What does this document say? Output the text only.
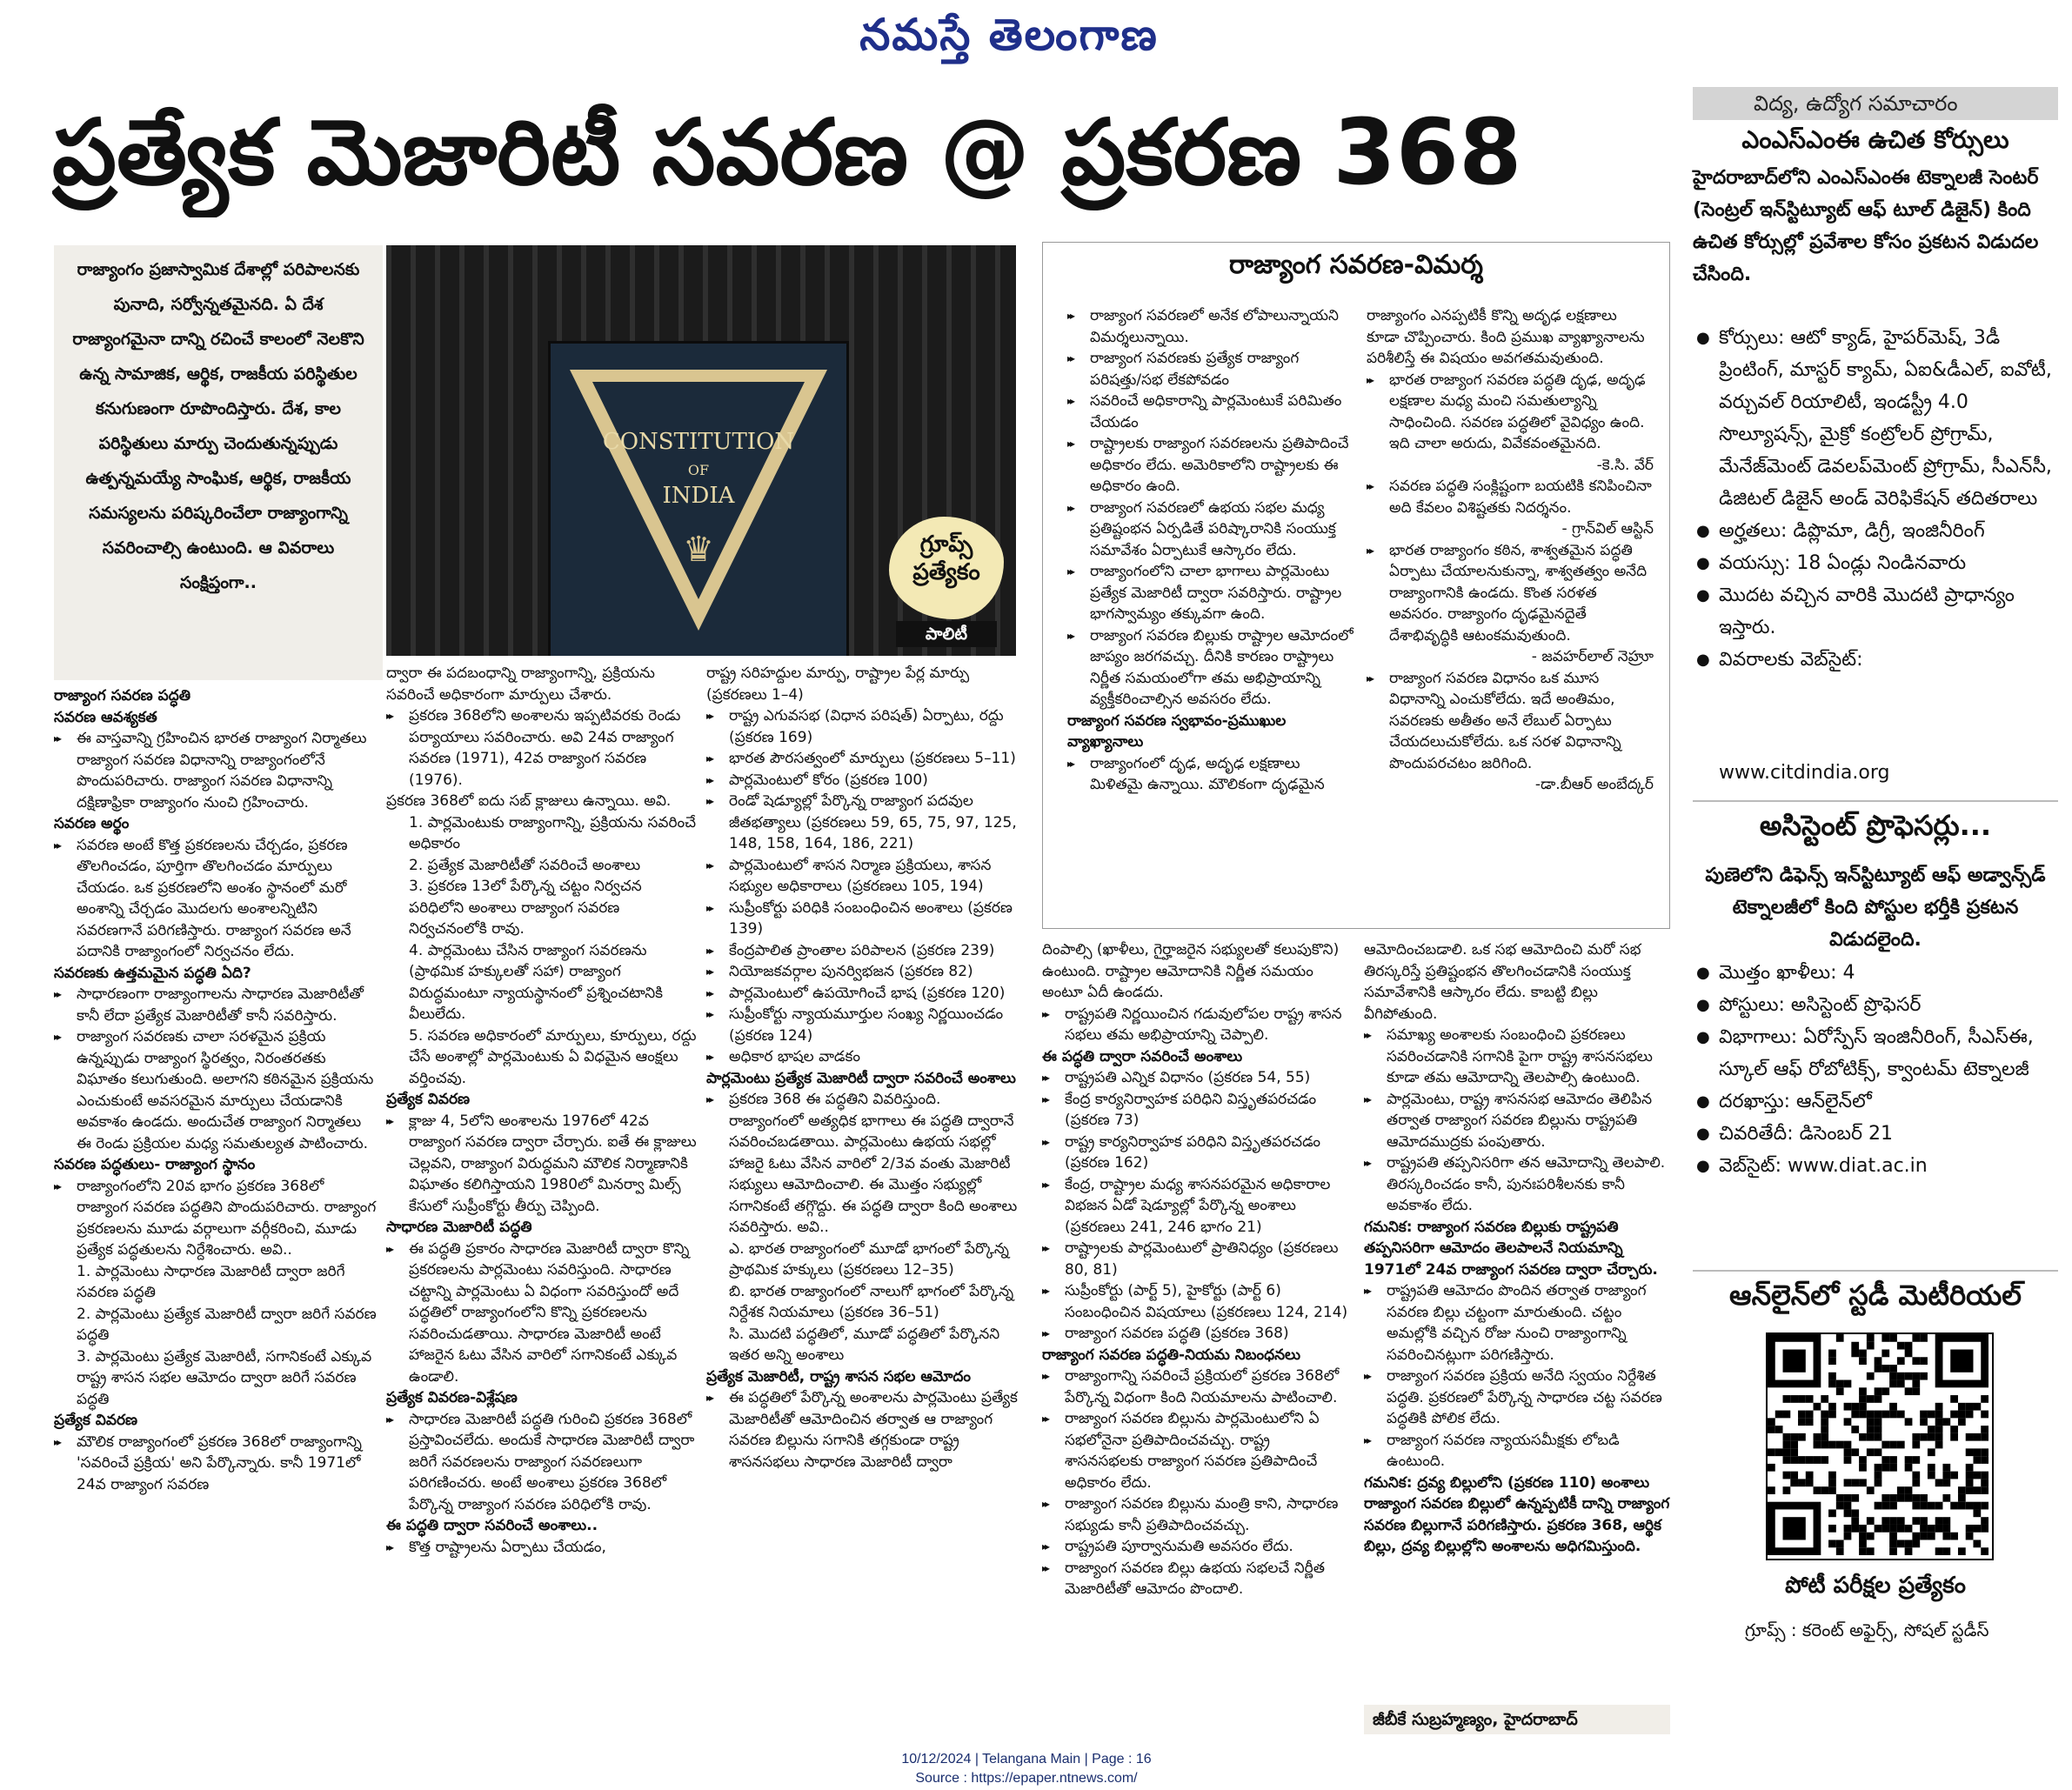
నమస్తే తెలంగాణ
ప్రత్యేక మెజారిటీ సవరణ @ ప్రకరణ 368
రాజ్యాంగం ప్రజాస్వామిక దేశాల్లో పరిపాలనకు పునాది, సర్వోన్నతమైనది. ఏ దేశ రాజ్యాంగమైనా దాన్ని రచించే కాలంలో నెలకొని ఉన్న సామాజిక, ఆర్థిక, రాజకీయ పరిస్థితుల కనుగుణంగా రూపొందిస్తారు. దేశ, కాల పరిస్థితులు మార్పు చెందుతున్నప్పుడు ఉత్పన్నమయ్యే సాంఘిక, ఆర్థిక, రాజకీయ సమస్యలను పరిష్కరించేలా రాజ్యాంగాన్ని సవరించాల్సి ఉంటుంది. ఆ వివరాలు సంక్షిప్తంగా..
CONSTITUTION
OF
INDIA
♛	గ్రూప్స్ ప్రత్యేకం
పాలిటీ
రాజ్యాంగ సవరణ పద్ధతి
సవరణ ఆవశ్యకత
▸▸ ఈ వాస్తవాన్ని గ్రహించిన భారత రాజ్యాంగ నిర్మాతలు రాజ్యాంగ సవరణ విధానాన్ని రాజ్యాంగంలోనే పొందుపరిచారు. రాజ్యాంగ సవరణ విధానాన్ని దక్షిణాఫ్రికా రాజ్యాంగం నుంచి గ్రహించారు.
సవరణ అర్థం
▸▸ సవరణ అంటే కొత్త ప్రకరణలను చేర్చడం, ప్రకరణ తొలగించడం, పూర్తిగా తొలగించడం మార్పులు చేయడం. ఒక ప్రకరణలోని అంశం స్థానంలో మరో అంశాన్ని చేర్చడం మొదలగు అంశాలన్నిటిని సవరణగానే పరిగణిస్తారు. రాజ్యాంగ సవరణ అనే పదానికి రాజ్యాంగంలో నిర్వచనం లేదు.
సవరణకు ఉత్తమమైన పద్ధతి ఏది?
▸▸ సాధారణంగా రాజ్యాంగాలను సాధారణ మెజారిటీతో కానీ లేదా ప్రత్యేక మెజారిటీతో కానీ సవరిస్తారు.
▸▸ రాజ్యాంగ సవరణకు చాలా సరళమైన ప్రక్రియ ఉన్నప్పుడు రాజ్యాంగ స్థిరత్వం, నిరంతరతకు విఘాతం కలుగుతుంది. అలాగని కఠినమైన ప్రక్రియను ఎంచుకుంటే అవసరమైన మార్పులు చేయడానికి అవకాశం ఉండదు. అందుచేత రాజ్యాంగ నిర్మాతలు ఈ రెండు ప్రక్రియల మధ్య సమతుల్యత పాటించారు.
సవరణ పద్ధతులు- రాజ్యాంగ స్థానం
▸▸ రాజ్యాంగంలోని 20వ భాగం ప్రకరణ 368లో రాజ్యాంగ సవరణ పద్ధతిని పొందుపరిచారు. రాజ్యాంగ ప్రకరణలను మూడు వర్గాలుగా వర్గీకరించి, మూడు ప్రత్యేక పద్ధతులను నిర్దేశించారు. అవి..
1. పార్లమెంటు సాధారణ మెజారిటీ ద్వారా జరిగే సవరణ పద్ధతి
2. పార్లమెంటు ప్రత్యేక మెజారిటీ ద్వారా జరిగే సవరణ పద్ధతి
3. పార్లమెంటు ప్రత్యేక మెజారిటీ, సగానికంటే ఎక్కువ రాష్ట్ర శాసన సభల ఆమోదం ద్వారా జరిగే సవరణ పద్ధతి
ప్రత్యేక వివరణ
▸▸ మౌలిక రాజ్యాంగంలో ప్రకరణ 368లో రాజ్యాంగాన్ని 'సవరించే ప్రక్రియ' అని పేర్కొన్నారు. కానీ 1971లో 24వ రాజ్యాంగ సవరణ
ద్వారా ఈ పదబంధాన్ని రాజ్యాంగాన్ని, ప్రక్రియను సవరించే అధికారంగా మార్పులు చేశారు.
▸▸ ప్రకరణ 368లోని అంశాలను ఇప్పటివరకు రెండు పర్యాయాలు సవరించారు. అవి 24వ రాజ్యాంగ సవరణ (1971), 42వ రాజ్యాంగ సవరణ (1976).
ప్రకరణ 368లో ఐదు సబ్ క్లాజులు ఉన్నాయి. అవి.
1. పార్లమెంటుకు రాజ్యాంగాన్ని, ప్రక్రియను సవరించే అధికారం
2. ప్రత్యేక మెజారిటీతో సవరించే అంశాలు
3. ప్రకరణ 13లో పేర్కొన్న చట్టం నిర్వచన పరిధిలోని అంశాలు రాజ్యాంగ సవరణ నిర్వచనంలోకి రావు.
4. పార్లమెంటు చేసిన రాజ్యాంగ సవరణను (ప్రాథమిక హక్కులతో సహా) రాజ్యాంగ విరుద్ధమంటూ న్యాయస్థానంలో ప్రశ్నించటానికి వీలులేదు.
5. సవరణ అధికారంలో మార్పులు, కూర్పులు, రద్దు చేసే అంశాల్లో పార్లమెంటుకు ఏ విధమైన ఆంక్షలు వర్తించవు.
ప్రత్యేక వివరణ
▸▸ క్లాజు 4, 5లోని అంశాలను 1976లో 42వ రాజ్యాంగ సవరణ ద్వారా చేర్చారు. ఐతే ఈ క్లాజులు చెల్లవని, రాజ్యాంగ విరుద్ధమని మౌలిక నిర్మాణానికి విఘాతం కలిగిస్తాయని 1980లో మినర్వా మిల్స్ కేసులో సుప్రీంకోర్టు తీర్పు చెప్పింది.
సాధారణ మెజారిటీ పద్ధతి
▸▸ ఈ పద్ధతి ప్రకారం సాధారణ మెజారిటీ ద్వారా కొన్ని ప్రకరణలను పార్లమెంటు సవరిస్తుంది. సాధారణ చట్టాన్ని పార్లమెంటు ఏ విధంగా సవరిస్తుందో అదే పద్ధతిలో రాజ్యాంగంలోని కొన్ని ప్రకరణలను సవరించుడతాయి. సాధారణ మెజారిటీ అంటే హాజరైన ఓటు వేసిన వారిలో సగానికంటే ఎక్కువ ఉండాలి.
ప్రత్యేక వివరణ-విశ్లేషణ
▸▸ సాధారణ మెజారిటీ పద్ధతి గురించి ప్రకరణ 368లో ప్రస్తావించలేదు. అందుకే సాధారణ మెజారిటీ ద్వారా జరిగే సవరణలను రాజ్యాంగ సవరణలుగా పరిగణించరు. అంటే అంశాలు ప్రకరణ 368లో పేర్కొన్న రాజ్యాంగ సవరణ పరిధిలోకి రావు.
ఈ పద్ధతి ద్వారా సవరించే అంశాలు..
▸▸ కొత్త రాష్ట్రాలను ఏర్పాటు చేయడం,
రాష్ట్ర సరిహద్దుల మార్పు, రాష్ట్రాల పేర్ల మార్పు (ప్రకరణలు 1–4)
▸▸ రాష్ట్ర ఎగువసభ (విధాన పరిషత్) ఏర్పాటు, రద్దు (ప్రకరణ 169)
▸▸ భారత పౌరసత్వంలో మార్పులు (ప్రకరణలు 5–11)
▸▸ పార్లమెంటులో కోరం (ప్రకరణ 100)
▸▸ రెండో షెడ్యూల్లో పేర్కొన్న రాజ్యాంగ పదవుల జీతభత్యాలు (ప్రకరణలు 59, 65, 75, 97, 125, 148, 158, 164, 186, 221)
▸▸ పార్లమెంటులో శాసన నిర్మాణ ప్రక్రియలు, శాసన సభ్యుల అధికారాలు (ప్రకరణలు 105, 194)
▸▸ సుప్రీంకోర్టు పరిధికి సంబంధించిన అంశాలు (ప్రకరణ 139)
▸▸ కేంద్రపాలిత ప్రాంతాల పరిపాలన (ప్రకరణ 239)
▸▸ నియోజకవర్గాల పునర్విభజన (ప్రకరణ 82)
▸▸ పార్లమెంటులో ఉపయోగించే భాష (ప్రకరణ 120)
▸▸ సుప్రీంకోర్టు న్యాయమూర్తుల సంఖ్య నిర్ణయించడం (ప్రకరణ 124)
▸▸ అధికార భాషల వాడకం
పార్లమెంటు ప్రత్యేక మెజారిటీ ద్వారా సవరించే అంశాలు
▸▸ ప్రకరణ 368 ఈ పద్ధతిని వివరిస్తుంది. రాజ్యాంగంలో అత్యధిక భాగాలు ఈ పద్ధతి ద్వారానే సవరించబడతాయి. పార్లమెంటు ఉభయ సభల్లో హాజరై ఓటు వేసిన వారిలో 2/3వ వంతు మెజారిటీ సభ్యులు ఆమోదించాలి. ఈ మొత్తం సభ్యుల్లో సగానికంటే తగ్గొద్దు. ఈ పద్ధతి ద్వారా కింది అంశాలు సవరిస్తారు. అవి..
ఎ. భారత రాజ్యాంగంలో మూడో భాగంలో పేర్కొన్న ప్రాథమిక హక్కులు (ప్రకరణలు 12–35)
బి. భారత రాజ్యాంగంలో నాలుగో భాగంలో పేర్కొన్న నిర్దేశక నియమాలు (ప్రకరణ 36–51)
సి. మొదటి పద్ధతిలో, మూడో పద్ధతిలో పేర్కొనని ఇతర అన్ని అంశాలు
ప్రత్యేక మెజారిటీ, రాష్ట్ర శాసన సభల ఆమోదం
▸▸ ఈ పద్ధతిలో పేర్కొన్న అంశాలను పార్లమెంటు ప్రత్యేక మెజారిటీతో ఆమోదించిన తర్వాత ఆ రాజ్యాంగ సవరణ బిల్లును సగానికి తగ్గకుండా రాష్ట్ర శాసనసభలు సాధారణ మెజారిటీ ద్వారా
రాజ్యాంగ సవరణ-విమర్శ
▸▸ రాజ్యాంగ సవరణలో అనేక లోపాలున్నాయని విమర్శలున్నాయి.
▸▸ రాజ్యాంగ సవరణకు ప్రత్యేక రాజ్యాంగ పరిషత్తు/సభ లేకపోవడం
▸▸ సవరించే అధికారాన్ని పార్లమెంటుకే పరిమితం చేయడం
▸▸ రాష్ట్రాలకు రాజ్యాంగ సవరణలను ప్రతిపాదించే అధికారం లేదు. అమెరికాలోని రాష్ట్రాలకు ఈ అధికారం ఉంది.
▸▸ రాజ్యాంగ సవరణలో ఉభయ సభల మధ్య ప్రతిష్టంభన ఏర్పడితే పరిష్కారానికి సంయుక్త సమావేశం ఏర్పాటుకే ఆస్కారం లేదు.
▸▸ రాజ్యాంగంలోని చాలా భాగాలు పార్లమెంటు ప్రత్యేక మెజారిటీ ద్వారా సవరిస్తారు. రాష్ట్రాల భాగస్వామ్యం తక్కువగా ఉంది.
▸▸ రాజ్యాంగ సవరణ బిల్లుకు రాష్ట్రాల ఆమోదంలో జాప్యం జరగవచ్చు. దీనికి కారణం రాష్ట్రాలు నిర్ణీత సమయంలోగా తమ అభిప్రాయాన్ని వ్యక్తీకరించాల్సిన అవసరం లేదు.
రాజ్యాంగ సవరణ స్వభావం-ప్రముఖుల వ్యాఖ్యానాలు
▸▸ రాజ్యాంగంలో దృఢ, అదృఢ లక్షణాలు మిళితమై ఉన్నాయి. మౌలికంగా దృఢమైన
రాజ్యాంగం ఎనప్పటికీ కొన్ని అదృఢ లక్షణాలు కూడా చొప్పించారు. కింది ప్రముఖ వ్యాఖ్యానాలను పరిశీలిస్తే ఈ విషయం అవగతమవుతుంది.
▸▸ భారత రాజ్యాంగ సవరణ పద్ధతి దృఢ, అదృఢ లక్షణాల మధ్య మంచి సమతుల్యాన్ని సాధించింది. సవరణ పద్ధతిలో వైవిధ్యం ఉంది. ఇది చాలా అరుదు, వివేకవంతమైనది.
-కె.సి. వేర్
▸▸ సవరణ పద్ధతి సంక్లిష్టంగా బయటికి కనిపించినా అది కేవలం విశిష్టతకు నిదర్శనం.
- గ్రాన్‌విల్ ఆస్టిన్
▸▸ భారత రాజ్యాంగం కఠిన, శాశ్వతమైన పద్ధతి ఏర్పాటు చేయాలనుకున్నా, శాశ్వతత్వం అనేది రాజ్యాంగానికి ఉండదు. కొంత సరళత అవసరం. రాజ్యాంగం దృఢమైనదైతే దేశాభివృద్ధికి ఆటంకమవుతుంది.
- జవహర్‌లాల్ నెహ్రూ
▸▸ రాజ్యాంగ సవరణ విధానం ఒక మూస విధానాన్ని ఎంచుకోలేదు. ఇదే అంతిమం, సవరణకు అతీతం అనే లేబుల్ ఏర్పాటు చేయదలుచుకోలేదు. ఒక సరళ విధానాన్ని పొందుపరచటం జరిగింది.
-డా.బీఆర్ అంబేద్కర్
దింపాల్సి (ఖాళీలు, గైర్హాజరైన సభ్యులతో కలుపుకొని) ఉంటుంది. రాష్ట్రాల ఆమోదానికి నిర్ణీత సమయం అంటూ ఏదీ ఉండదు.
▸▸ రాష్ట్రపతి నిర్ణయించిన గడువులోపల రాష్ట్ర శాసన సభలు తమ అభిప్రాయాన్ని చెప్పాలి.
ఈ పద్ధతి ద్వారా సవరించే అంశాలు
▸▸ రాష్ట్రపతి ఎన్నిక విధానం (ప్రకరణ 54, 55)
▸▸ కేంద్ర కార్యనిర్వాహక పరిధిని విస్తృతపరచడం (ప్రకరణ 73)
▸▸ రాష్ట్ర కార్యనిర్వాహక పరిధిని విస్తృతపరచడం (ప్రకరణ 162)
▸▸ కేంద్ర, రాష్ట్రాల మధ్య శాసనపరమైన అధికారాల విభజన ఏడో షెడ్యూల్లో పేర్కొన్న అంశాలు (ప్రకరణలు 241, 246 భాగం 21)
▸▸ రాష్ట్రాలకు పార్లమెంటులో ప్రాతినిధ్యం (ప్రకరణలు 80, 81)
▸▸ సుప్రీంకోర్టు (పార్ట్ 5), హైకోర్టు (పార్ట్ 6) సంబంధించిన విషయాలు (ప్రకరణలు 124, 214)
▸▸ రాజ్యాంగ సవరణ పద్ధతి (ప్రకరణ 368)
రాజ్యాంగ సవరణ పద్ధతి-నియమ నిబంధనలు
▸▸ రాజ్యాంగాన్ని సవరించే ప్రక్రియలో ప్రకరణ 368లో పేర్కొన్న విధంగా కింది నియమాలను పాటించాలి.
▸▸ రాజ్యాంగ సవరణ బిల్లును పార్లమెంటులోని ఏ సభలోనైనా ప్రతిపాదించవచ్చు. రాష్ట్ర శాసనసభలకు రాజ్యాంగ సవరణ ప్రతిపాదించే అధికారం లేదు.
▸▸ రాజ్యాంగ సవరణ బిల్లును మంత్రి కాని, సాధారణ సభ్యుడు కానీ ప్రతిపాదించవచ్చు.
▸▸ రాష్ట్రపతి పూర్వానుమతి అవసరం లేదు.
▸▸ రాజ్యాంగ సవరణ బిల్లు ఉభయ సభలచే నిర్ణీత మెజారిటీతో ఆమోదం పొందాలి.
ఆమోదించబడాలి. ఒక సభ ఆమోదించి మరో సభ తిరస్కరిస్తే ప్రతిష్టంభన తొలగించడానికి సంయుక్త సమావేశానికి ఆస్కారం లేదు. కాబట్టి బిల్లు వీగిపోతుంది.
▸▸ సమాఖ్య అంశాలకు సంబంధించి ప్రకరణలు సవరించడానికి సగానికి పైగా రాష్ట్ర శాసనసభలు కూడా తమ ఆమోదాన్ని తెలపాల్సి ఉంటుంది.
▸▸ పార్లమెంటు, రాష్ట్ర శాసనసభ ఆమోదం తెలిపిన తర్వాత రాజ్యాంగ సవరణ బిల్లును రాష్ట్రపతి ఆమోదముద్రకు పంపుతారు.
▸▸ రాష్ట్రపతి తప్పనిసరిగా తన ఆమోదాన్ని తెలపాలి. తిరస్కరించడం కానీ, పునఃపరిశీలనకు కానీ అవకాశం లేదు.
గమనిక: రాజ్యాంగ సవరణ బిల్లుకు రాష్ట్రపతి తప్పనిసరిగా ఆమోదం తెలపాలనే నియమాన్ని 1971లో 24వ రాజ్యాంగ సవరణ ద్వారా చేర్చారు.
▸▸ రాష్ట్రపతి ఆమోదం పొందిన తర్వాత రాజ్యాంగ సవరణ బిల్లు చట్టంగా మారుతుంది. చట్టం అమల్లోకి వచ్చిన రోజు నుంచి రాజ్యాంగాన్ని సవరించినట్లుగా పరిగణిస్తారు.
▸▸ రాజ్యాంగ సవరణ ప్రక్రియ అనేది స్వయం నిర్దేశిత పద్ధతి. ప్రకరణలో పేర్కొన్న సాధారణ చట్ట సవరణ పద్ధతికి పోలిక లేదు.
▸▸ రాజ్యాంగ సవరణ న్యాయసమీక్షకు లోబడి ఉంటుంది.
గమనిక: ద్రవ్య బిల్లులోని (ప్రకరణ 110) అంశాలు రాజ్యాంగ సవరణ బిల్లులో ఉన్నప్పటికీ దాన్ని రాజ్యాంగ సవరణ బిల్లుగానే పరిగణిస్తారు. ప్రకరణ 368, ఆర్థిక బిల్లు, ద్రవ్య బిల్లుల్లోని అంశాలను అధిగమిస్తుంది.
జీబీకే సుబ్రహ్మణ్యం, హైదరాబాద్
విద్య, ఉద్యోగ సమాచారం
ఎంఎస్ఎంఈ ఉచిత కోర్సులు
హైదరాబాద్‌లోని ఎంఎస్ఎంఈ టెక్నాలజీ సెంటర్ (సెంట్రల్ ఇన్‌స్టిట్యూట్ ఆఫ్ టూల్ డిజైన్) కింది ఉచిత కోర్సుల్లో ప్రవేశాల కోసం ప్రకటన విడుదల చేసింది.
● కోర్సులు: ఆటో క్యాడ్, హైపర్‌మెష్, 3డీ ప్రింటింగ్, మాస్టర్ క్యామ్, ఏఐ&డీఎల్, ఐవోటీ, వర్చువల్ రియాలిటీ, ఇండస్ట్రీ 4.0 సొల్యూషన్స్, మైక్రో కంట్రోలర్ ప్రోగ్రామ్, మేనేజ్‌మెంట్ డెవలప్‌మెంట్ ప్రోగ్రామ్, సీఎన్‌సీ, డిజిటల్ డిజైన్ అండ్ వెరిఫికేషన్ తదితరాలు
● అర్హతలు: డిప్లొమా, డిగ్రీ, ఇంజినీరింగ్
● వయస్సు: 18 ఏండ్లు నిండినవారు
● మొదట వచ్చిన వారికి మొదటి ప్రాధాన్యం ఇస్తారు.
● వివరాలకు వెబ్‌సైట్:
www.citdindia.org
అసిస్టెంట్ ప్రొఫెసర్లు...
పుణెలోని డిఫెన్స్ ఇన్‌స్టిట్యూట్ ఆఫ్ అడ్వాన్స్‌డ్ టెక్నాలజీలో కింది పోస్టుల భర్తీకి ప్రకటన విడుదలైంది.
● మొత్తం ఖాళీలు: 4
● పోస్టులు: అసిస్టెంట్ ప్రొఫెసర్
● విభాగాలు: ఏరోస్పేస్ ఇంజినీరింగ్, సీఎస్‌ఈ, స్కూల్ ఆఫ్ రోబోటిక్స్, క్వాంటమ్ టెక్నాలజీ
● దరఖాస్తు: ఆన్‌లైన్‌లో
● చివరితేదీ: డిసెంబర్ 21
● వెబ్‌సైట్: www.diat.ac.in
ఆన్‌లైన్‌లో స్టడీ మెటీరియల్
పోటీ పరీక్షల ప్రత్యేకం
గ్రూప్స్ : కరెంట్ అఫైర్స్, సోషల్ స్టడీస్
10/12/2024 | Telangana Main | Page : 16
Source : https://epaper.ntnews.com/
